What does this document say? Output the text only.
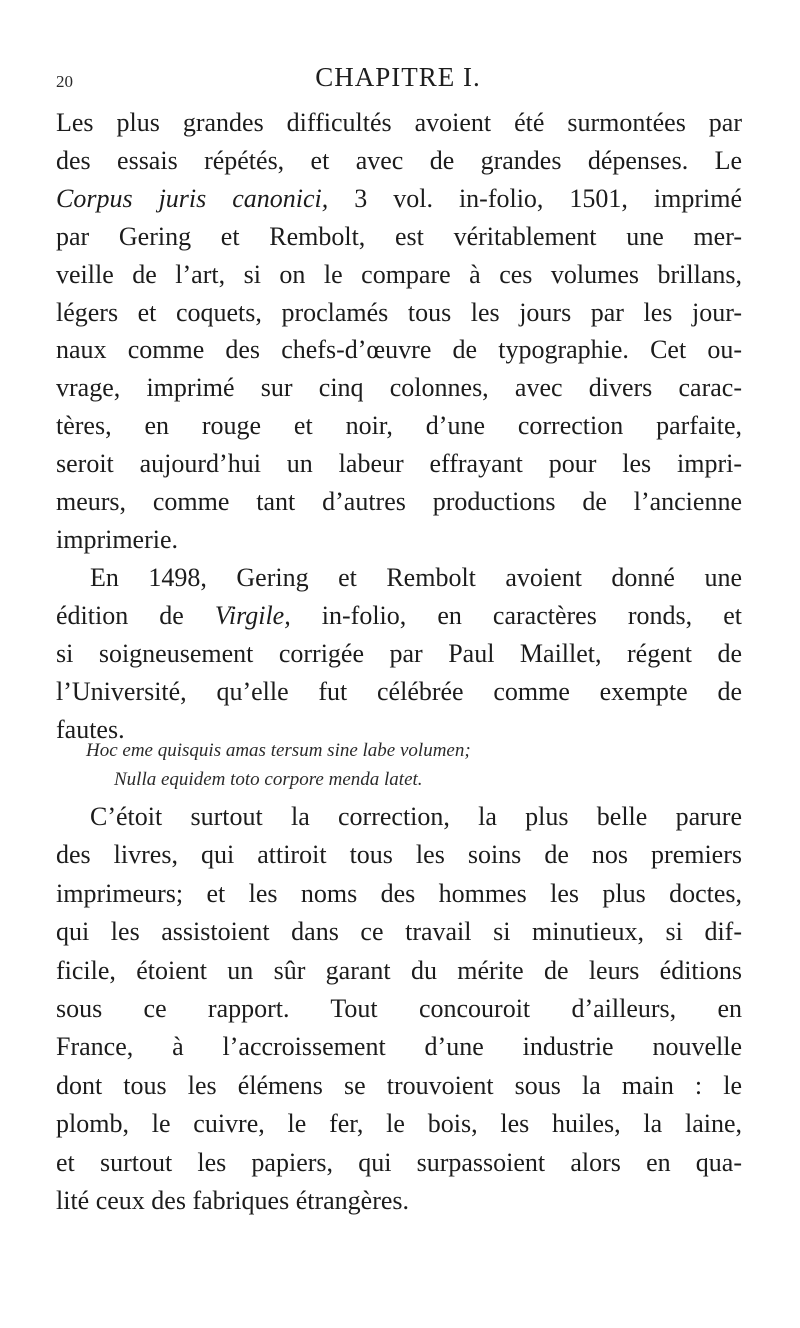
20	CHAPITRE I.
Les plus grandes difficultés avoient été surmontées par
des essais répétés, et avec de grandes dépenses. Le
Corpus juris canonici, 3 vol. in-folio, 1501, imprimé
par Gering et Rembolt, est véritablement une mer-
veille de l’art, si on le compare à ces volumes brillans,
légers et coquets, proclamés tous les jours par les jour-
naux comme des chefs-d’œuvre de typographie. Cet ou-
vrage, imprimé sur cinq colonnes, avec divers carac-
tères, en rouge et noir, d’une correction parfaite,
seroit aujourd’hui un labeur effrayant pour les impri-
meurs, comme tant d’autres productions de l’ancienne
imprimerie.
En 1498, Gering et Rembolt avoient donné une
édition de Virgile, in-folio, en caractères ronds, et
si soigneusement corrigée par Paul Maillet, régent de
l’Université, qu’elle fut célébrée comme exempte de
fautes.
Hoc eme quisquis amas tersum sine labe volumen;
Nulla equidem toto corpore menda latet.
C’étoit surtout la correction, la plus belle parure
des livres, qui attiroit tous les soins de nos premiers
imprimeurs; et les noms des hommes les plus doctes,
qui les assistoient dans ce travail si minutieux, si dif-
ficile, étoient un sûr garant du mérite de leurs éditions
sous ce rapport. Tout concouroit d’ailleurs, en
France, à l’accroissement d’une industrie nouvelle
dont tous les élémens se trouvoient sous la main : le
plomb, le cuivre, le fer, le bois, les huiles, la laine,
et surtout les papiers, qui surpassoient alors en qua-
lité ceux des fabriques étrangères.
